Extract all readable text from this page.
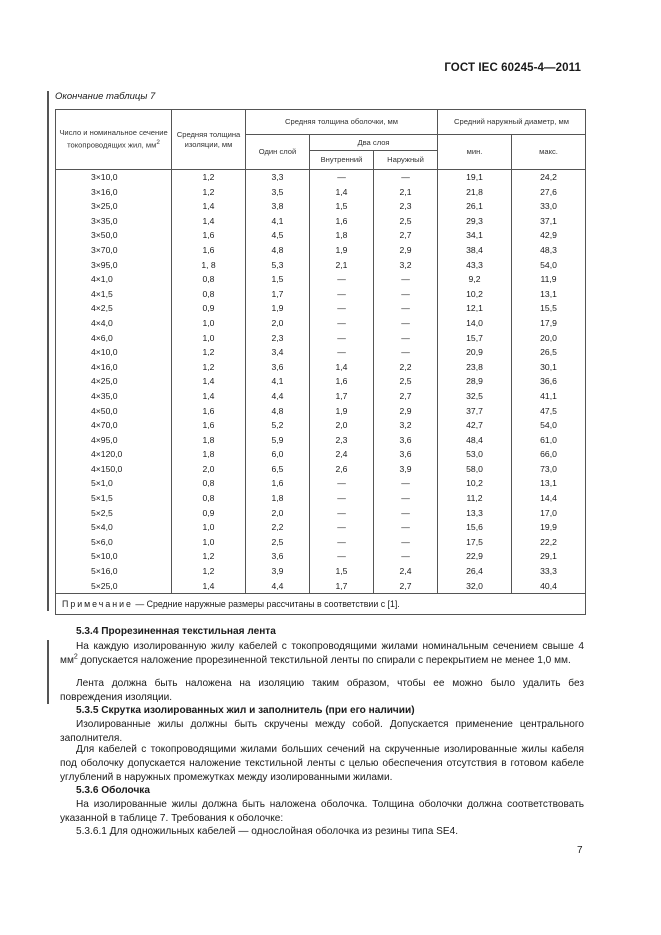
ГОСТ IEC 60245-4—2011
Окончание таблицы 7
Число и номинальное сечение токопроводящих жил, $мм^2$	Средняя толщина изоляции, мм	Средняя толщина оболочки, мм			Средний наружный диаметр, мм	
		Один слой	Два слоя		мин.	макс.
			Внутренний	Наружный		
3×10,0	1,2	3,3	—	—	19,1	24,2
3×16,0	1,2	3,5	1,4	2,1	21,8	27,6
3×25,0	1,4	3,8	1,5	2,3	26,1	33,0
3×35,0	1,4	4,1	1,6	2,5	29,3	37,1
3×50,0	1,6	4,5	1,8	2,7	34,1	42,9
3×70,0	1,6	4,8	1,9	2,9	38,4	48,3
3×95,0	1, 8	5,3	2,1	3,2	43,3	54,0
4×1,0	0,8	1,5	—	—	9,2	11,9
4×1,5	0,8	1,7	—	—	10,2	13,1
4×2,5	0,9	1,9	—	—	12,1	15,5
4×4,0	1,0	2,0	—	—	14,0	17,9
4×6,0	1,0	2,3	—	—	15,7	20,0
4×10,0	1,2	3,4	—	—	20,9	26,5
4×16,0	1,2	3,6	1,4	2,2	23,8	30,1
4×25,0	1,4	4,1	1,6	2,5	28,9	36,6
4×35,0	1,4	4,4	1,7	2,7	32,5	41,1
4×50,0	1,6	4,8	1,9	2,9	37,7	47,5
4×70,0	1,6	5,2	2,0	3,2	42,7	54,0
4×95,0	1,8	5,9	2,3	3,6	48,4	61,0
4×120,0	1,8	6,0	2,4	3,6	53,0	66,0
4×150,0	2,0	6,5	2,6	3,9	58,0	73,0
5×1,0	0,8	1,6	—	—	10,2	13,1
5×1,5	0,8	1,8	—	—	11,2	14,4
5×2,5	0,9	2,0	—	—	13,3	17,0
5×4,0	1,0	2,2	—	—	15,6	19,9
5×6,0	1,0	2,5	—	—	17,5	22,2
5×10,0	1,2	3,6	—	—	22,9	29,1
5×16,0	1,2	3,9	1,5	2,4	26,4	33,3
5×25,0	1,4	4,4	1,7	2,7	32,0	40,4
Примечание — Средние наружные размеры рассчитаны в соответствии с [1].						

5.3.4 Прорезиненная текстильная лента

На каждую изолированную жилу кабелей с токопроводящими жилами номинальным сечением свыше 4 $мм^2$ допускается наложение прорезиненной текстильной ленты по спирали с перекрытием не менее 1,0 мм.

Лента должна быть наложена на изоляцию таким образом, чтобы ее можно было удалить без повреждения изоляции.

5.3.5 Скрутка изолированных жил и заполнитель (при его наличии)

Изолированные жилы должны быть скручены между собой. Допускается применение центрального заполнителя.

Для кабелей с токопроводящими жилами больших сечений на скрученные изолированные жилы кабеля под оболочку допускается наложение текстильной ленты с целью обеспечения отсутствия в готовом кабеле углублений в наружных промежутках между изолированными жилами.

5.3.6 Оболочка

На изолированные жилы должна быть наложена оболочка. Толщина оболочки должна соответствовать указанной в таблице 7. Требования к оболочке:

5.3.6.1 Для одножильных кабелей — однослойная оболочка из резины типа SE4.

7
